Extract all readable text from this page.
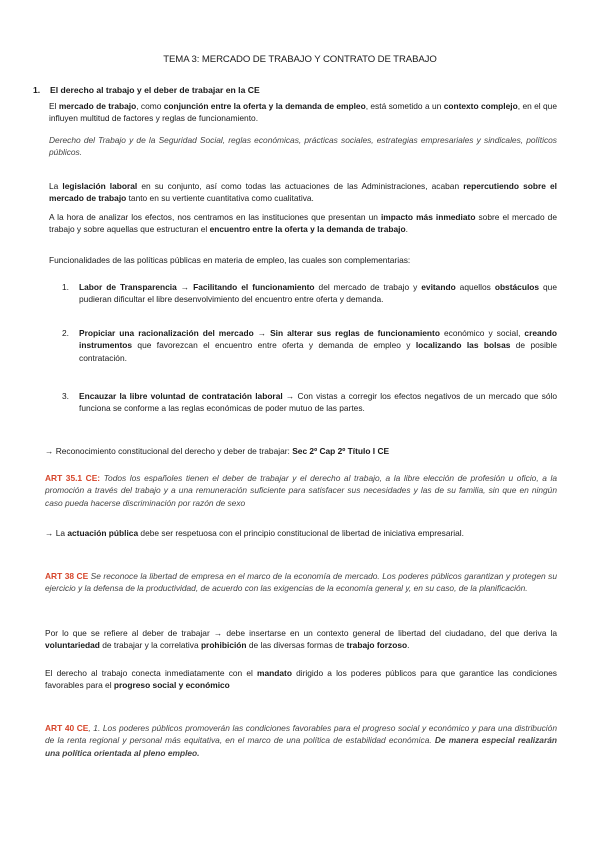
TEMA 3: MERCADO DE TRABAJO Y CONTRATO DE TRABAJO
1. El derecho al trabajo y el deber de trabajar en la CE

El mercado de trabajo, como conjunción entre la oferta y la demanda de empleo, está sometido a un contexto complejo, en el que influyen multitud de factores y reglas de funcionamiento.

Derecho del Trabajo y de la Seguridad Social, reglas económicas, prácticas sociales, estrategias empresariales y sindicales, políticos públicos.

La legislación laboral en su conjunto, así como todas las actuaciones de las Administraciones, acaban repercutiendo sobre el mercado de trabajo tanto en su vertiente cuantitativa como cualitativa.

A la hora de analizar los efectos, nos centramos en las instituciones que presentan un impacto más inmediato sobre el mercado de trabajo y sobre aquellas que estructuran el encuentro entre la oferta y la demanda de trabajo.

Funcionalidades de las políticas públicas en materia de empleo, las cuales son complementarias:

1. Labor de Transparencia → Facilitando el funcionamiento del mercado de trabajo y evitando aquellos obstáculos que pudieran dificultar el libre desenvolvimiento del encuentro entre oferta y demanda.
2. Propiciar una racionalización del mercado → Sin alterar sus reglas de funcionamiento económico y social, creando instrumentos que favorezcan el encuentro entre oferta y demanda de empleo y localizando las bolsas de posible contratación.
3. Encauzar la libre voluntad de contratación laboral → Con vistas a corregir los efectos negativos de un mercado que sólo funciona se conforme a las reglas económicas de poder mutuo de las partes.

→ Reconocimiento constitucional del derecho y deber de trabajar: Sec 2º Cap 2º Título I CE

ART 35.1 CE: Todos los españoles tienen el deber de trabajar y el derecho al trabajo, a la libre elección de profesión u oficio, a la promoción a través del trabajo y a una remuneración suficiente para satisfacer sus necesidades y las de su familia, sin que en ningún caso pueda hacerse discriminación por razón de sexo

→ La actuación pública debe ser respetuosa con el principio constitucional de libertad de iniciativa empresarial.

ART 38 CE Se reconoce la libertad de empresa en el marco de la economía de mercado. Los poderes públicos garantizan y protegen su ejercicio y la defensa de la productividad, de acuerdo con las exigencias de la economía general y, en su caso, de la planificación.

Por lo que se refiere al deber de trabajar → debe insertarse en un contexto general de libertad del ciudadano, del que deriva la voluntariedad de trabajar y la correlativa prohibición de las diversas formas de trabajo forzoso.

El derecho al trabajo conecta inmediatamente con el mandato dirigido a los poderes públicos para que garantice las condiciones favorables para el progreso social y económico

ART 40 CE, 1. Los poderes públicos promoverán las condiciones favorables para el progreso social y económico y para una distribución de la renta regional y personal más equitativa, en el marco de una política de estabilidad económica. De manera especial realizarán una política orientada al pleno empleo.
